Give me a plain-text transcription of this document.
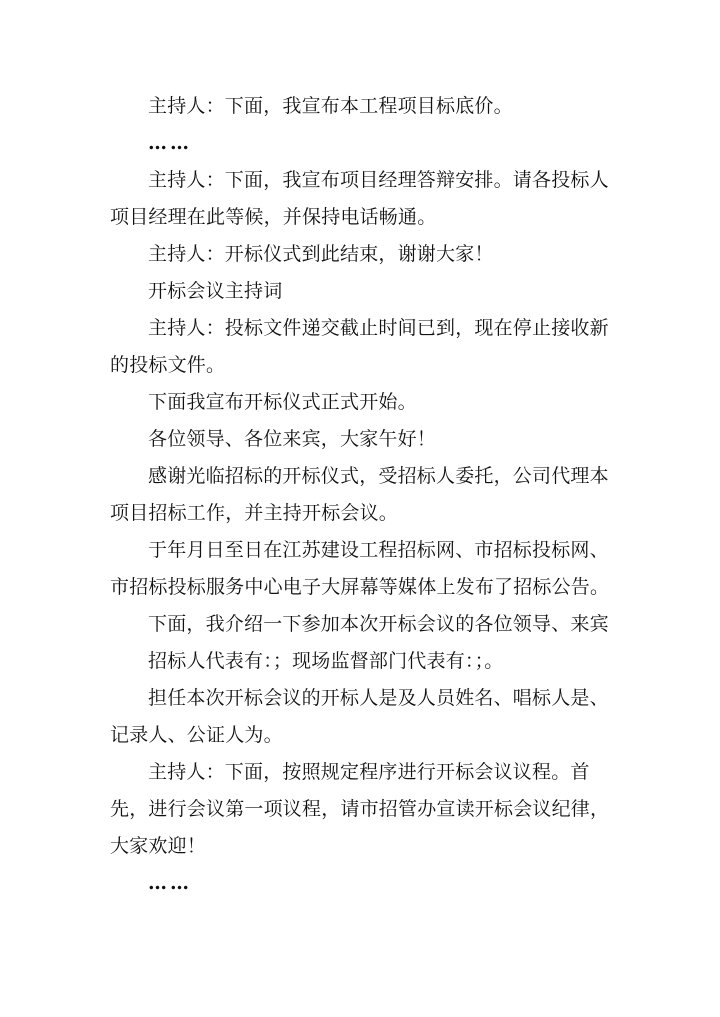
主持人：下面，我宣布本工程项目标底价。

……

主持人：下面，我宣布项目经理答辩安排。请各投标人项目经理在此等候，并保持电话畅通。

主持人：开标仪式到此结束，谢谢大家！

开标会议主持词

主持人：投标文件递交截止时间已到，现在停止接收新的投标文件。

下面我宣布开标仪式正式开始。

各位领导、各位来宾，大家午好！

感谢光临招标的开标仪式，受招标人委托，公司代理本项目招标工作，并主持开标会议。

于年月日至日在江苏建设工程招标网、市招标投标网、市招标投标服务中心电子大屏幕等媒体上发布了招标公告。

下面，我介绍一下参加本次开标会议的各位领导、来宾

招标人代表有：；现场监督部门代表有：；。

担任本次开标会议的开标人是及人员姓名、唱标人是、记录人、公证人为。

主持人：下面，按照规定程序进行开标会议议程。首先，进行会议第一项议程，请市招管办宣读开标会议纪律，大家欢迎！

……
